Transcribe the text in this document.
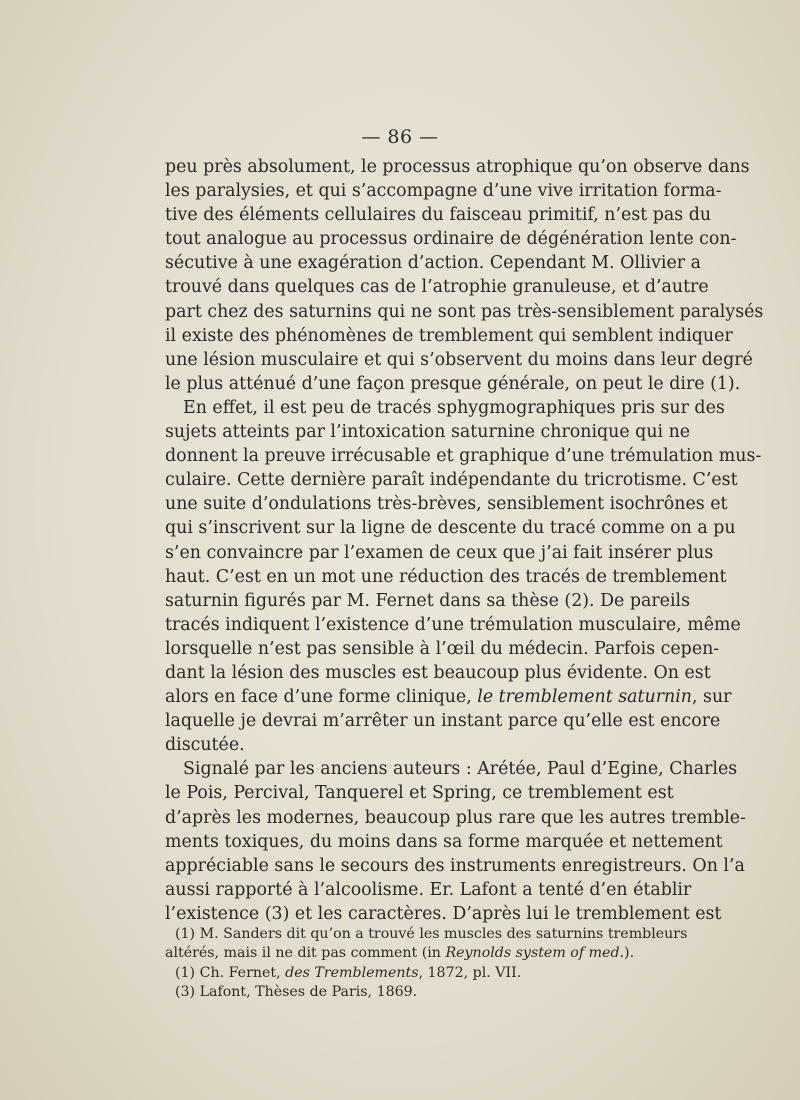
— 86 —
peu près absolument, le processus atrophique qu’on observe dans
les paralysies, et qui s’accompagne d’une vive irritation forma-
tive des éléments cellulaires du faisceau primitif, n’est pas du
tout analogue au processus ordinaire de dégénération lente con-
sécutive à une exagération d’action. Cependant M. Ollivier a
trouvé dans quelques cas de l’atrophie granuleuse, et d’autre
part chez des saturnins qui ne sont pas très-sensiblement paralysés
il existe des phénomènes de tremblement qui semblent indiquer
une lésion musculaire et qui s’observent du moins dans leur degré
le plus atténué d’une façon presque générale, on peut le dire (1).
En effet, il est peu de tracés sphygmographiques pris sur des
sujets atteints par l’intoxication saturnine chronique qui ne
donnent la preuve irrécusable et graphique d’une trémulation mus-
culaire. Cette dernière paraît indépendante du tricrotisme. C’est
une suite d’ondulations très-brèves, sensiblement isochrônes et
qui s’inscrivent sur la ligne de descente du tracé comme on a pu
s’en convaincre par l’examen de ceux que j’ai fait insérer plus
haut. C’est en un mot une réduction des tracés de tremblement
saturnin figurés par M. Fernet dans sa thèse (2). De pareils
tracés indiquent l’existence d’une trémulation musculaire, même
lorsquelle n’est pas sensible à l’œil du médecin. Parfois cepen-
dant la lésion des muscles est beaucoup plus évidente. On est
alors en face d’une forme clinique, le tremblement saturnin, sur
laquelle je devrai m’arrêter un instant parce qu’elle est encore
discutée.
Signalé par les anciens auteurs : Arétée, Paul d’Egine, Charles
le Pois, Percival, Tanquerel et Spring, ce tremblement est
d’après les modernes, beaucoup plus rare que les autres tremble-
ments toxiques, du moins dans sa forme marquée et nettement
appréciable sans le secours des instruments enregistreurs. On l’a
aussi rapporté à l’alcoolisme. Er. Lafont a tenté d’en établir
l’existence (3) et les caractères. D’après lui le tremblement est
(1) M. Sanders dit qu’on a trouvé les muscles des saturnins trembleurs
altérés, mais il ne dit pas comment (in Reynolds system of med.).
(1) Ch. Fernet, des Tremblements, 1872, pl. VII.
(3) Lafont, Thèses de Paris, 1869.
